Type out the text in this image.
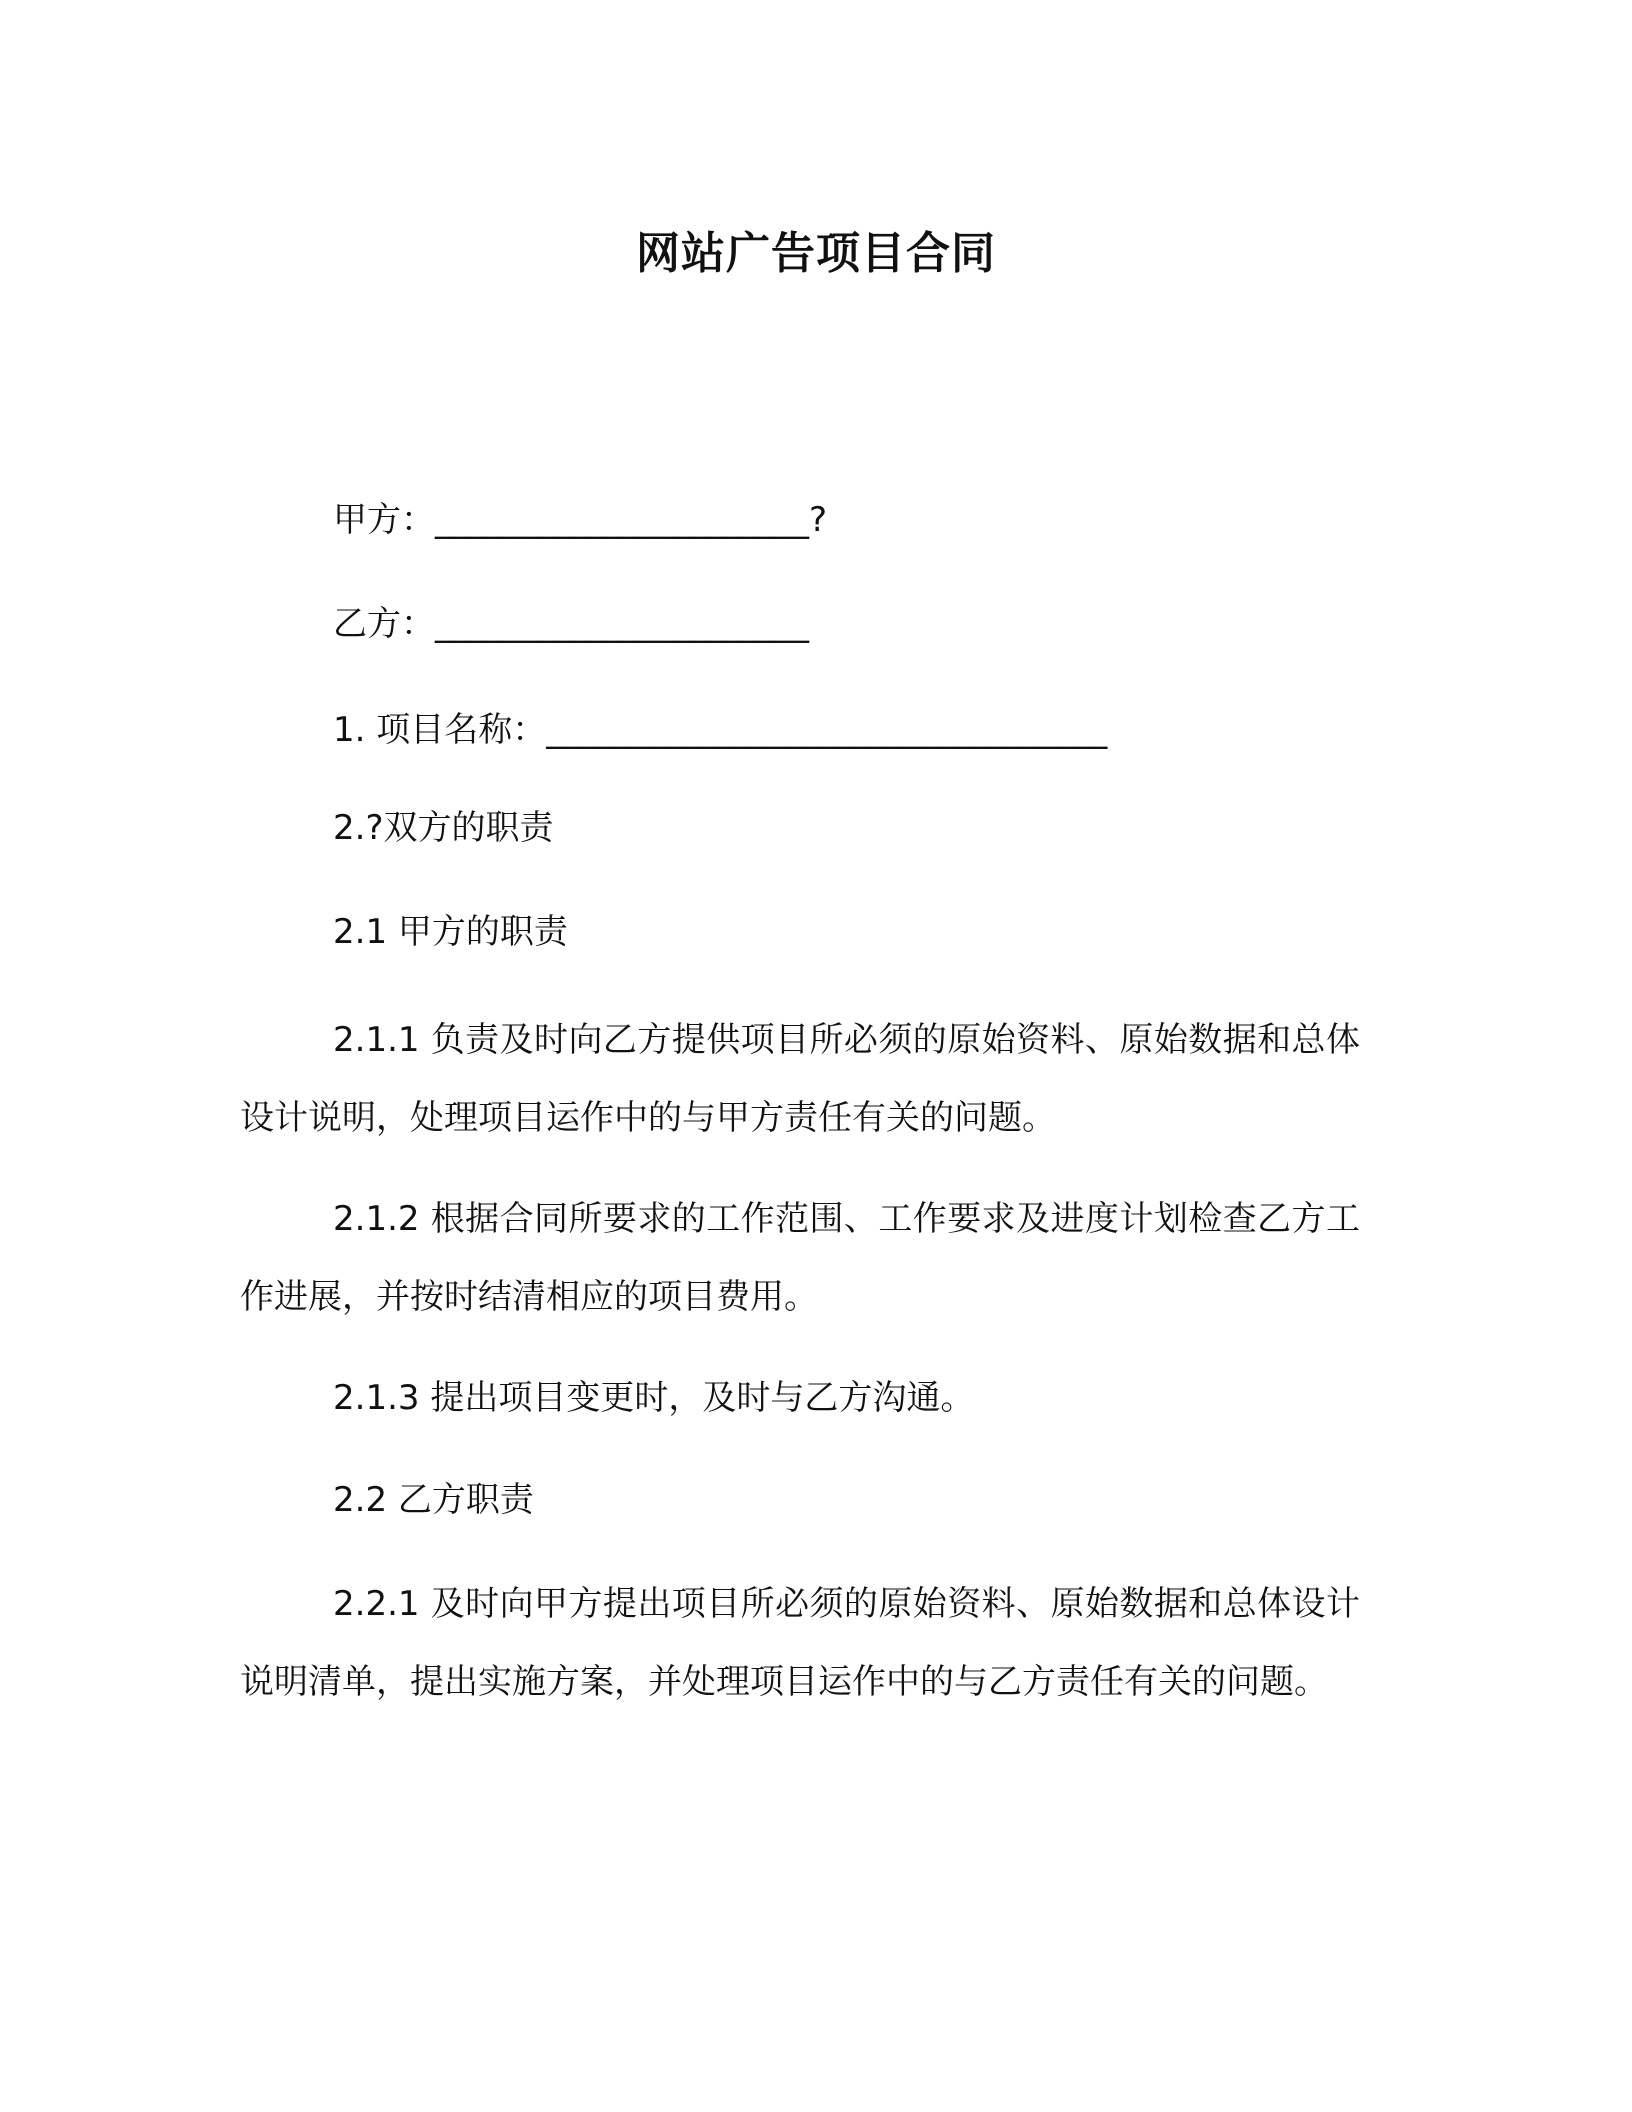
网站广告项目合同
甲方：______________________?
乙方：______________________
1. 项目名称：_________________________________
2.?双方的职责
2.1 甲方的职责
2.1.1 负责及时向乙方提供项目所必须的原始资料、原始数据和总体设计说明，处理项目运作中的与甲方责任有关的问题。
2.1.2 根据合同所要求的工作范围、工作要求及进度计划检查乙方工作进展，并按时结清相应的项目费用。
2.1.3 提出项目变更时，及时与乙方沟通。
2.2 乙方职责
2.2.1 及时向甲方提出项目所必须的原始资料、原始数据和总体设计说明清单，提出实施方案，并处理项目运作中的与乙方责任有关的问题。
